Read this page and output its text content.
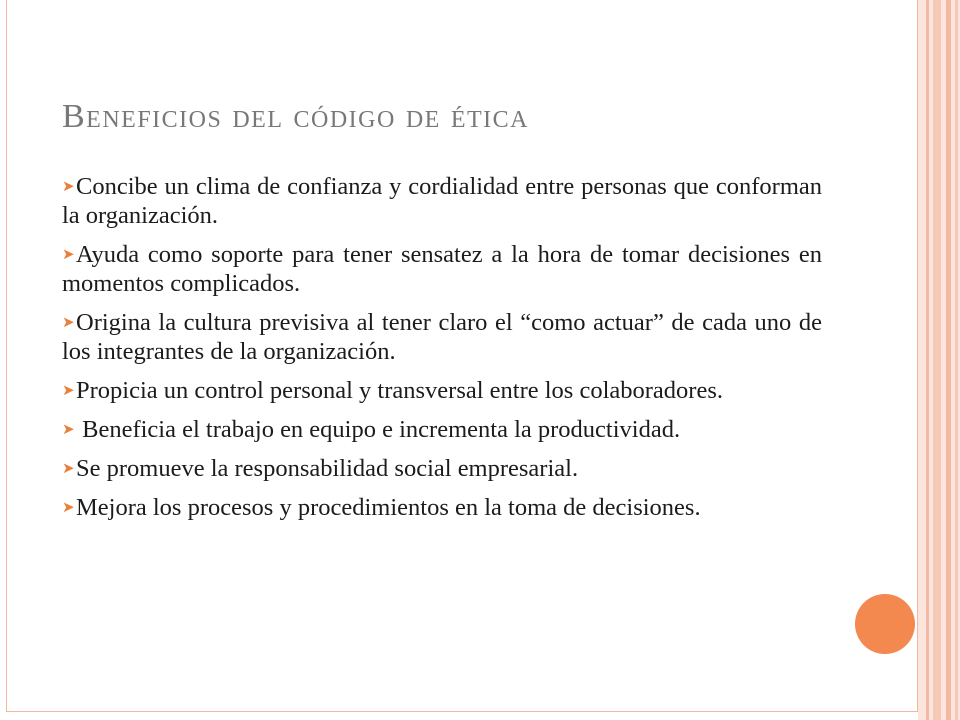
Beneficios del código de ética
➤Concibe un clima de confianza y cordialidad entre personas que conforman la organización.
➤Ayuda como soporte para tener sensatez a la hora de tomar decisiones en momentos complicados.
➤Origina la cultura previsiva al tener claro el “como actuar” de cada uno de los integrantes de la organización.
➤Propicia un control personal y transversal entre los colaboradores.
➤ Beneficia el trabajo en equipo e incrementa la productividad.
➤Se promueve la responsabilidad social empresarial.
➤Mejora los procesos y procedimientos en la toma de decisiones.
